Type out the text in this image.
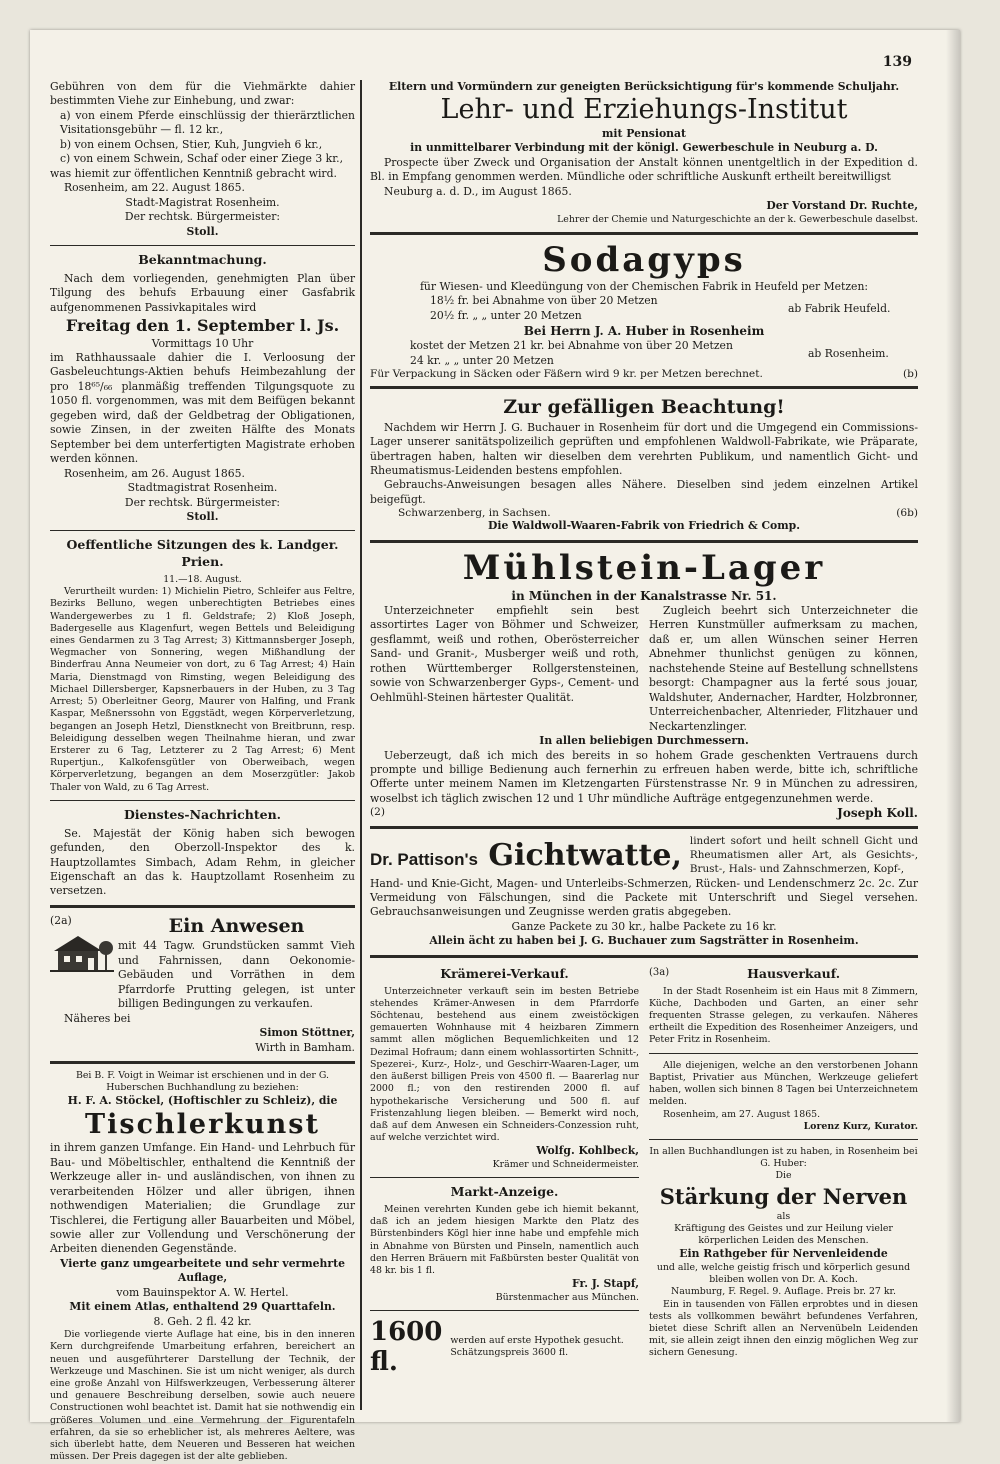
139

Gebühren von dem für die Viehmärkte dahier bestimmten Viehe zur Einhebung, und zwar:

a) von einem Pferde einschlüssig der thierärztlichen Visitationsgebühr — fl. 12 kr.,

b) von einem Ochsen, Stier, Kuh, Jungvieh 6 kr.,

c) von einem Schwein, Schaf oder einer Ziege 3 kr.,

was hiemit zur öffentlichen Kenntniß gebracht wird.

Rosenheim, am 22. August 1865.

Stadt-Magistrat Rosenheim.

Der rechtsk. Bürgermeister:

Stoll.

Bekanntmachung.

Nach dem vorliegenden, genehmigten Plan über Tilgung des behufs Erbauung einer Gasfabrik aufgenommenen Passivkapitales wird

Freitag den 1. September l. Js.

Vormittags 10 Uhr

im Rathhaussaale dahier die I. Verloosung der Gasbeleuchtungs-Aktien behufs Heimbezahlung der pro 18⁶⁵/₆₆ planmäßig treffenden Tilgungsquote zu 1050 fl. vorgenommen, was mit dem Beifügen bekannt gegeben wird, daß der Geldbetrag der Obligationen, sowie Zinsen, in der zweiten Hälfte des Monats September bei dem unterfertigten Magistrate erhoben werden können.

Rosenheim, am 26. August 1865.

Stadtmagistrat Rosenheim.

Der rechtsk. Bürgermeister:

Stoll.

Oeffentliche Sitzungen des k. Landger. Prien.

11.—18. August.

Verurtheilt wurden: 1) Michielin Pietro, Schleifer aus Feltre, Bezirks Belluno, wegen unberechtigten Betriebes eines Wandergewerbes zu 1 fl. Geldstrafe; 2) Kloß Joseph, Badergeselle aus Klagenfurt, wegen Bettels und Beleidigung eines Gendarmen zu 3 Tag Arrest; 3) Kittmannsberger Joseph, Wegmacher von Sonnering, wegen Mißhandlung der Binderfrau Anna Neumeier von dort, zu 6 Tag Arrest; 4) Hain Maria, Dienstmagd von Rimsting, wegen Beleidigung des Michael Dillersberger, Kapsnerbauers in der Huben, zu 3 Tag Arrest; 5) Oberleitner Georg, Maurer von Halfing, und Frank Kaspar, Meßnerssohn von Eggstädt, wegen Körperverletzung, begangen an Joseph Hetzl, Dienstknecht von Breitbrunn, resp. Beleidigung desselben wegen Theilnahme hieran, und zwar Ersterer zu 6 Tag, Letzterer zu 2 Tag Arrest; 6) Ment Rupertjun., Kalkofensgütler von Oberweibach, wegen Körperverletzung, begangen an dem Moserzgütler: Jakob Thaler von Wald, zu 6 Tag Arrest.

Dienstes-Nachrichten.

Se. Majestät der König haben sich bewogen gefunden, den Oberzoll-Inspektor des k. Hauptzollamtes Simbach, Adam Rehm, in gleicher Eigenschaft an das k. Hauptzollamt Rosenheim zu versetzen.

(2a)	Ein Anwesen

mit 44 Tagw. Grundstücken sammt Vieh und Fahrnissen, dann Oekonomie-Gebäuden und Vorräthen in dem Pfarrdorfe Prutting gelegen, ist unter billigen Bedingungen zu verkaufen.

Näheres bei

Simon Stöttner,

Wirth in Bamham.

Bei B. F. Voigt in Weimar ist erschienen und in der G. Huberschen Buchhandlung zu beziehen:

H. F. A. Stöckel, (Hoftischler zu Schleiz), die

Tischlerkunst

in ihrem ganzen Umfange. Ein Hand- und Lehrbuch für Bau- und Möbeltischler, enthaltend die Kenntniß der Werkzeuge aller in- und ausländischen, von ihnen zu verarbeitenden Hölzer und aller übrigen, ihnen nothwendigen Materialien; die Grundlage zur Tischlerei, die Fertigung aller Bauarbeiten und Möbel, sowie aller zur Vollendung und Verschönerung der Arbeiten dienenden Gegenstände.

Vierte ganz umgearbeitete und sehr vermehrte Auflage,

vom Bauinspektor A. W. Hertel.

Mit einem Atlas, enthaltend 29 Quarttafeln.

8. Geh. 2 fl. 42 kr.

Die vorliegende vierte Auflage hat eine, bis in den inneren Kern durchgreifende Umarbeitung erfahren, bereichert an neuen und ausgeführterer Darstellung der Technik, der Werkzeuge und Maschinen. Sie ist um nicht weniger, als durch eine große Anzahl von Hilfswerkzeugen, Verbesserung älterer und genauere Beschreibung derselben, sowie auch neuere Constructionen wohl beachtet ist. Damit hat sie nothwendig ein größeres Volumen und eine Vermehrung der Figurentafeln erfahren, da sie so erheblicher ist, als mehreres Aeltere, was sich überlebt hatte, dem Neueren und Besseren hat weichen müssen. Der Preis dagegen ist der alte geblieben.

Eltern und Vormündern zur geneigten Berücksichtigung für's kommende Schuljahr.

Lehr- und Erziehungs-Institut

mit Pensionat

in unmittelbarer Verbindung mit der königl. Gewerbeschule in Neuburg a. D.

Prospecte über Zweck und Organisation der Anstalt können unentgeltlich in der Expedition d. Bl. in Empfang genommen werden. Mündliche oder schriftliche Auskunft ertheilt bereitwilligst

Neuburg a. d. D., im August 1865.

Der Vorstand Dr. Ruchte,

Lehrer der Chemie und Naturgeschichte an der k. Gewerbeschule daselbst.

Sodagyps

für Wiesen- und Kleedüngung von der Chemischen Fabrik in Heufeld per Metzen:

18½ fr. bei Abnahme von über 20 Metzen

20½ fr. „ „ unter 20 Metzen

ab Fabrik Heufeld.

Bei Herrn J. A. Huber in Rosenheim

kostet der Metzen 21 kr. bei Abnahme von über 20 Metzen

24 kr. „ „ unter 20 Metzen

ab Rosenheim.

Für Verpackung in Säcken oder Fäßern wird 9 kr. per Metzen berechnet.	(b)

Zur gefälligen Beachtung!

Nachdem wir Herrn J. G. Buchauer in Rosenheim für dort und die Umgegend ein Commissions-Lager unserer sanitätspolizeilich geprüften und empfohlenen Waldwoll-Fabrikate, wie Präparate, übertragen haben, halten wir dieselben dem verehrten Publikum, und namentlich Gicht- und Rheumatismus-Leidenden bestens empfohlen.

Gebrauchs-Anweisungen besagen alles Nähere. Dieselben sind jedem einzelnen Artikel beigefügt.

Schwarzenberg, in Sachsen.	(6b)

Die Waldwoll-Waaren-Fabrik von Friedrich & Comp.

Mühlstein-Lager

in München in der Kanalstrasse Nr. 51.

Unterzeichneter empfiehlt sein best assortirtes Lager von Böhmer und Schweizer, gesflammt, weiß und rothen, Oberösterreicher Sand- und Granit-, Musberger weiß und roth, rothen Württemberger Rollgerstensteinen, sowie von Schwarzenberger Gyps-, Cement- und Oehlmühl-Steinen härtester Qualität.

Zugleich beehrt sich Unterzeichneter die Herren Kunstmüller aufmerksam zu machen, daß er, um allen Wünschen seiner Herren Abnehmer thunlichst genügen zu können, nachstehende Steine auf Bestellung schnellstens besorgt: Champagner aus la ferté sous jouar, Waldshuter, Andernacher, Hardter, Holzbronner, Unterreichenbacher, Altenrieder, Flitzhauer und Neckartenzlinger.

In allen beliebigen Durchmessern.

Ueberzeugt, daß ich mich des bereits in so hohem Grade geschenkten Vertrauens durch prompte und billige Bedienung auch fernerhin zu erfreuen haben werde, bitte ich, schriftliche Offerte unter meinem Namen im Kletzengarten Fürstenstrasse Nr. 9 in München zu adressiren, woselbst ich täglich zwischen 12 und 1 Uhr mündliche Aufträge entgegenzunehmen werde.

(2)	Joseph Koll.
Dr. Pattison's Gichtwatte, lindert sofort und heilt schnell Gicht und Rheumatismen aller Art, als Gesichts-, Brust-, Hals- und Zahnschmerzen, Kopf-,

Hand- und Knie-Gicht, Magen- und Unterleibs-Schmerzen, Rücken- und Lendenschmerz 2c. 2c. Zur Vermeidung von Fälschungen, sind die Packete mit Unterschrift und Siegel versehen. Gebrauchsanweisungen und Zeugnisse werden gratis abgegeben.

Ganze Packete zu 30 kr., halbe Packete zu 16 kr.

Allein ächt zu haben bei J. G. Buchauer zum Sagsträtter in Rosenheim.

Krämerei-Verkauf.

Unterzeichneter verkauft sein im besten Betriebe stehendes Krämer-Anwesen in dem Pfarrdorfe Söchtenau, bestehend aus einem zweistöckigen gemauerten Wohnhause mit 4 heizbaren Zimmern sammt allen möglichen Bequemlichkeiten und 12 Dezimal Hofraum; dann einem wohlassortirten Schnitt-, Spezerei-, Kurz-, Holz-, und Geschirr-Waaren-Lager, um den äußerst billigen Preis von 4500 fl. — Baarerlag nur 2000 fl.; von den restirenden 2000 fl. auf hypothekarische Versicherung und 500 fl. auf Fristenzahlung liegen bleiben. — Bemerkt wird noch, daß auf dem Anwesen ein Schneiders-Conzession ruht, auf welche verzichtet wird.

Wolfg. Kohlbeck,

Krämer und Schneidermeister.

Markt-Anzeige.

Meinen verehrten Kunden gebe ich hiemit bekannt, daß ich an jedem hiesigen Markte den Platz des Bürstenbinders Kögl hier inne habe und empfehle mich in Abnahme von Bürsten und Pinseln, namentlich auch den Herren Bräuern mit Faßbürsten bester Qualität von 48 kr. bis 1 fl.

Fr. J. Stapf,

Bürstenmacher aus München.

1600 fl.
werden auf erste Hypothek gesucht. Schätzungspreis 3600 fl.

(3a)	Hausverkauf.

In der Stadt Rosenheim ist ein Haus mit 8 Zimmern, Küche, Dachboden und Garten, an einer sehr frequenten Strasse gelegen, zu verkaufen. Näheres ertheilt die Expedition des Rosenheimer Anzeigers, und Peter Fritz in Rosenheim.

Alle diejenigen, welche an den verstorbenen Johann Baptist, Privatier aus München, Werkzeuge geliefert haben, wollen sich binnen 8 Tagen bei Unterzeichnetem melden.

Rosenheim, am 27. August 1865.

Lorenz Kurz, Kurator.

In allen Buchhandlungen ist zu haben, in Rosenheim bei G. Huber:

Die

Stärkung der Nerven

als

Kräftigung des Geistes und zur Heilung vieler körperlichen Leiden des Menschen.

Ein Rathgeber für Nervenleidende

und alle, welche geistig frisch und körperlich gesund bleiben wollen von Dr. A. Koch.

Naumburg, F. Regel. 9. Auflage. Preis br. 27 kr.

Ein in tausenden von Fällen erprobtes und in diesen tests als vollkommen bewährt befundenes Verfahren, bietet diese Schrift allen an Nervenübeln Leidenden mit, sie allein zeigt ihnen den einzig möglichen Weg zur sichern Genesung.
